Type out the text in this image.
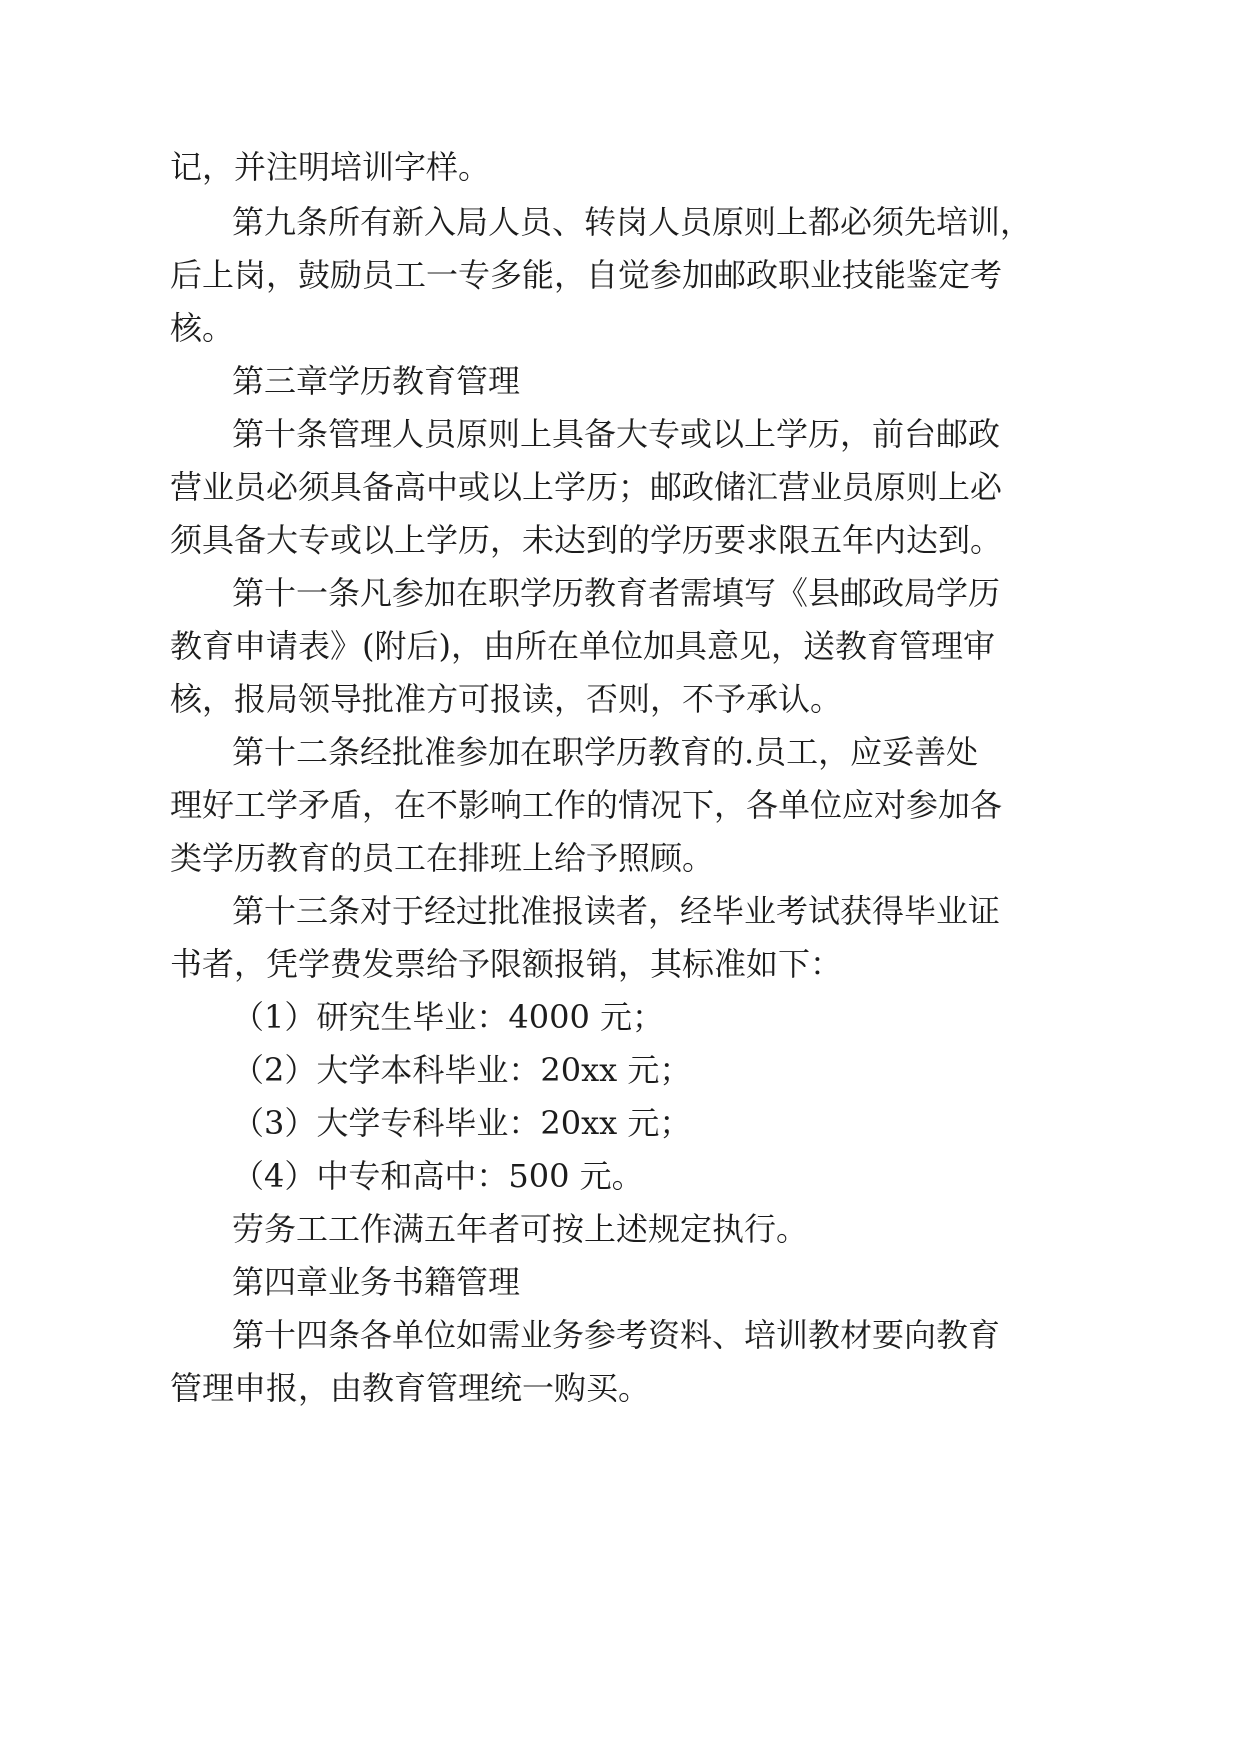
记，并注明培训字样。

第九条所有新入局人员、转岗人员原则上都必须先培训，

后上岗，鼓励员工一专多能，自觉参加邮政职业技能鉴定考

核。

第三章学历教育管理

第十条管理人员原则上具备大专或以上学历，前台邮政

营业员必须具备高中或以上学历；邮政储汇营业员原则上必

须具备大专或以上学历，未达到的学历要求限五年内达到。

第十一条凡参加在职学历教育者需填写《县邮政局学历

教育申请表》(附后)，由所在单位加具意见，送教育管理审

核，报局领导批准方可报读，否则，不予承认。

第十二条经批准参加在职学历教育的.员工，应妥善处

理好工学矛盾，在不影响工作的情况下，各单位应对参加各

类学历教育的员工在排班上给予照顾。

第十三条对于经过批准报读者，经毕业考试获得毕业证

书者，凭学费发票给予限额报销，其标准如下：

（1）研究生毕业：4000 元；

（2）大学本科毕业：20xx 元；

（3）大学专科毕业：20xx 元；

（4）中专和高中：500 元。

劳务工工作满五年者可按上述规定执行。

第四章业务书籍管理

第十四条各单位如需业务参考资料、培训教材要向教育

管理申报，由教育管理统一购买。
